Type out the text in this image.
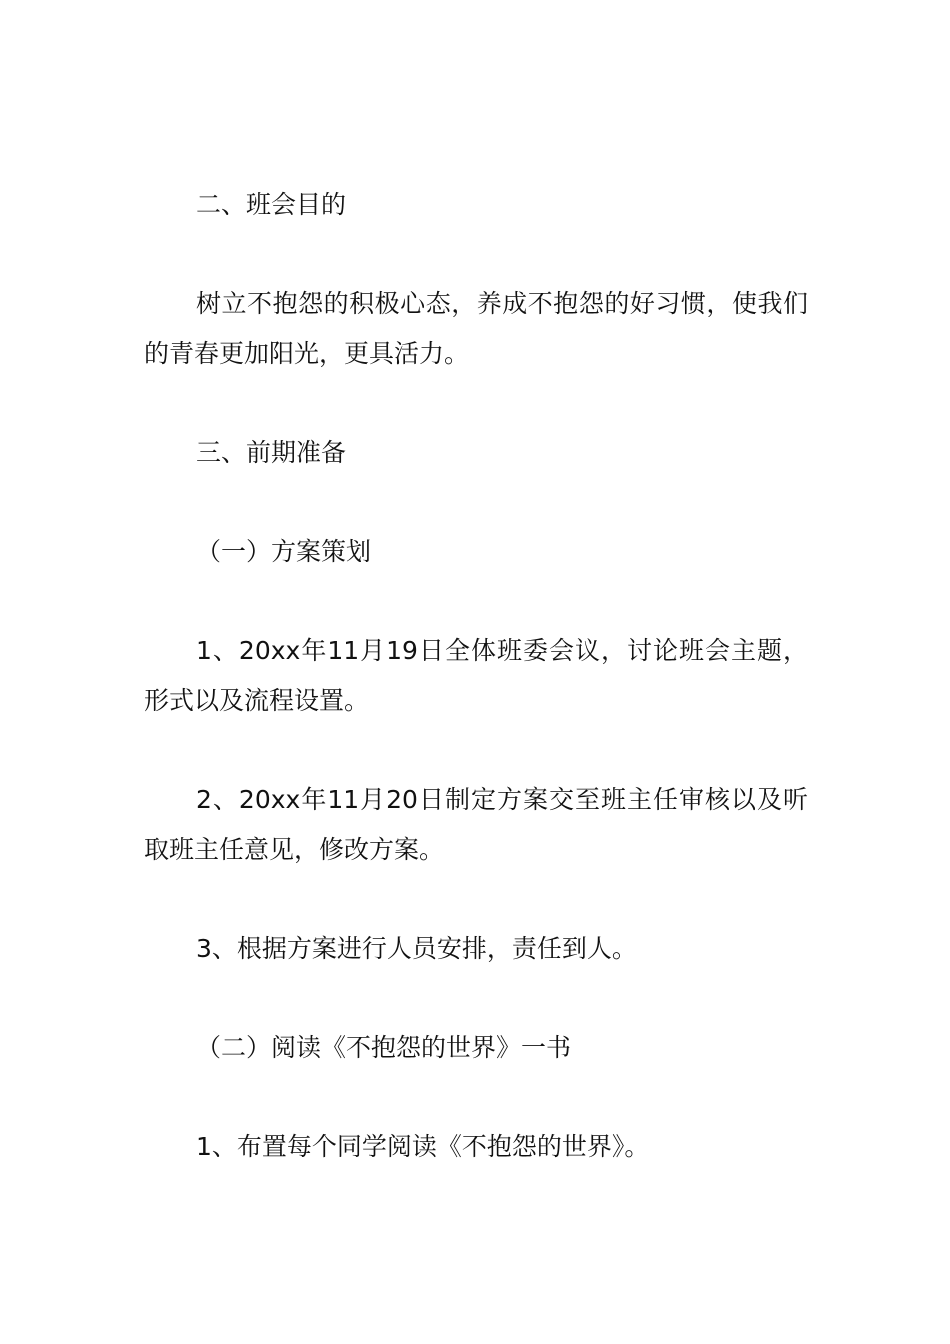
二、班会目的

树立不抱怨的积极心态，养成不抱怨的好习惯，使我们的青春更加阳光，更具活力。

三、前期准备

（一）方案策划

1、20xx年11月19日全体班委会议，讨论班会主题，形式以及流程设置。

2、20xx年11月20日制定方案交至班主任审核以及听取班主任意见，修改方案。

3、根据方案进行人员安排，责任到人。

（二）阅读《不抱怨的世界》一书

1、布置每个同学阅读《不抱怨的世界》。
